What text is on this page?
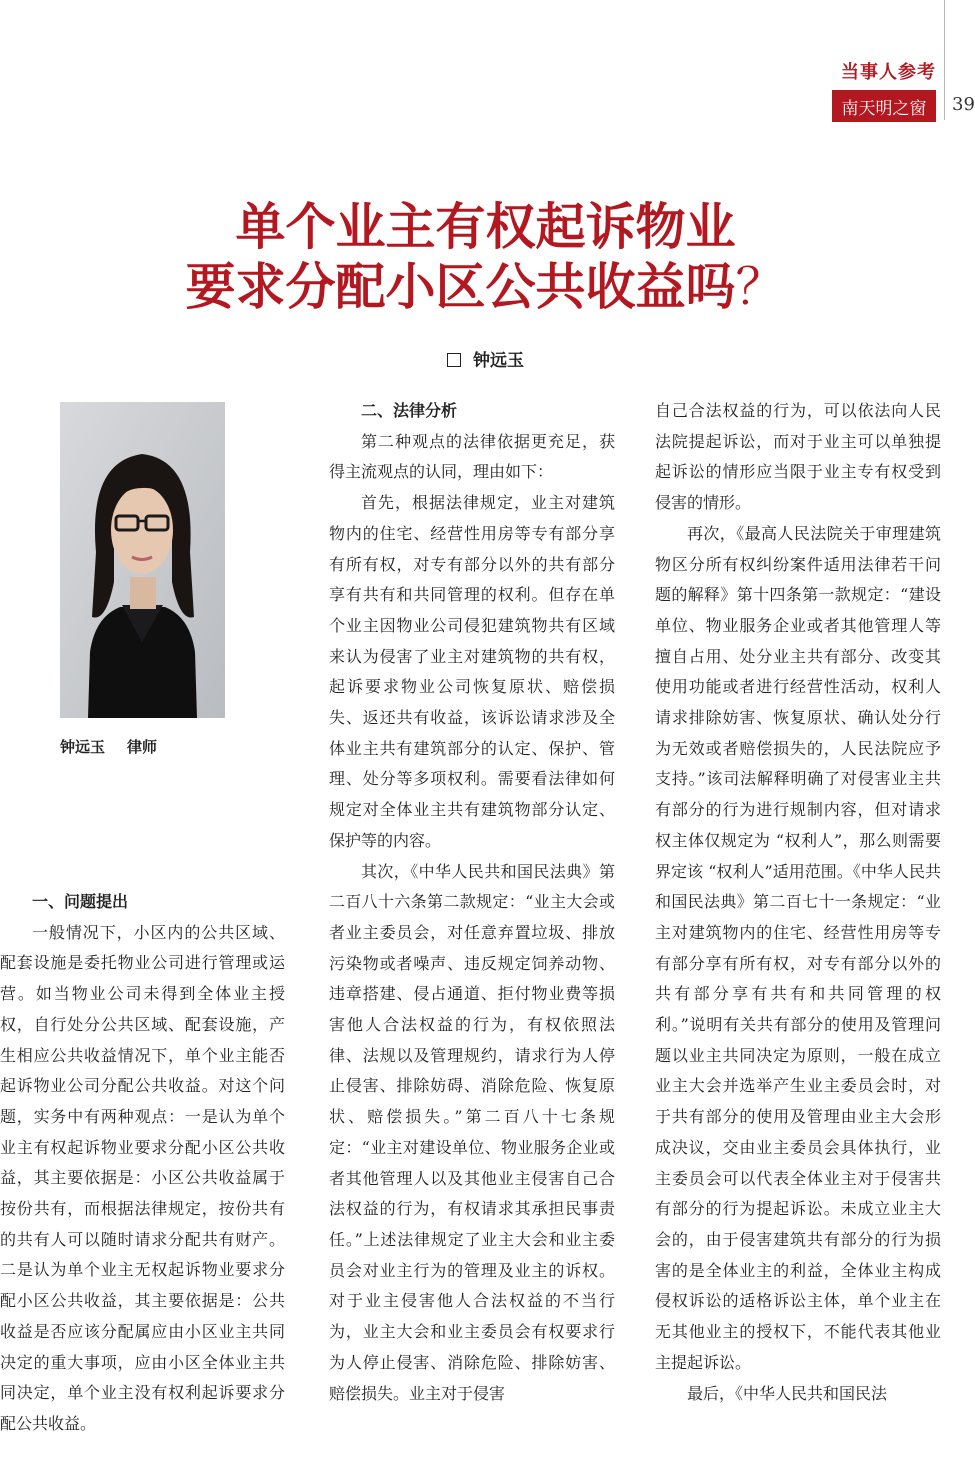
当事人参考
南天明之窗	39
单个业主有权起诉物业
要求分配小区公共收益吗？
钟远玉
钟远玉 律师
一、问题提出

一般情况下，小区内的公共区域、配套设施是委托物业公司进行管理或运营。如当物业公司未得到全体业主授权，自行处分公共区域、配套设施，产生相应公共收益情况下，单个业主能否起诉物业公司分配公共收益。对这个问题，实务中有两种观点：一是认为单个业主有权起诉物业要求分配小区公共收益，其主要依据是：小区公共收益属于按份共有，而根据法律规定，按份共有的共有人可以随时请求分配共有财产。二是认为单个业主无权起诉物业要求分配小区公共收益，其主要依据是：公共收益是否应该分配属应由小区业主共同决定的重大事项，应由小区全体业主共同决定，单个业主没有权利起诉要求分配公共收益。

二、法律分析

第二种观点的法律依据更充足，获得主流观点的认同，理由如下：

首先，根据法律规定，业主对建筑物内的住宅、经营性用房等专有部分享有所有权，对专有部分以外的共有部分享有共有和共同管理的权利。但存在单个业主因物业公司侵犯建筑物共有区域来认为侵害了业主对建筑物的共有权，起诉要求物业公司恢复原状、赔偿损失、返还共有收益，该诉讼请求涉及全体业主共有建筑部分的认定、保护、管理、处分等多项权利。需要看法律如何规定对全体业主共有建筑物部分认定、保护等的内容。

其次，《中华人民共和国民法典》第二百八十六条第二款规定：“业主大会或者业主委员会，对任意弃置垃圾、排放污染物或者噪声、违反规定饲养动物、违章搭建、侵占通道、拒付物业费等损害他人合法权益的行为，有权依照法律、法规以及管理规约，请求行为人停止侵害、排除妨碍、消除危险、恢复原状、赔偿损失。”第二百八十七条规定：“业主对建设单位、物业服务企业或者其他管理人以及其他业主侵害自己合法权益的行为，有权请求其承担民事责任。”上述法律规定了业主大会和业主委员会对业主行为的管理及业主的诉权。对于业主侵害他人合法权益的不当行为，业主大会和业主委员会有权要求行为人停止侵害、消除危险、排除妨害、赔偿损失。业主对于侵害

自己合法权益的行为，可以依法向人民法院提起诉讼，而对于业主可以单独提起诉讼的情形应当限于业主专有权受到侵害的情形。

再次，《最高人民法院关于审理建筑物区分所有权纠纷案件适用法律若干问题的解释》第十四条第一款规定：“建设单位、物业服务企业或者其他管理人等擅自占用、处分业主共有部分、改变其使用功能或者进行经营性活动，权利人请求排除妨害、恢复原状、确认处分行为无效或者赔偿损失的，人民法院应予支持。”该司法解释明确了对侵害业主共有部分的行为进行规制内容，但对请求权主体仅规定为 “权利人”，那么则需要界定该 “权利人”适用范围。《中华人民共和国民法典》第二百七十一条规定：“业主对建筑物内的住宅、经营性用房等专有部分享有所有权，对专有部分以外的共有部分享有共有和共同管理的权利。”说明有关共有部分的使用及管理问题以业主共同决定为原则，一般在成立业主大会并选举产生业主委员会时，对于共有部分的使用及管理由业主大会形成决议，交由业主委员会具体执行，业主委员会可以代表全体业主对于侵害共有部分的行为提起诉讼。未成立业主大会的，由于侵害建筑共有部分的行为损害的是全体业主的利益，全体业主构成侵权诉讼的适格诉讼主体，单个业主在无其他业主的授权下，不能代表其他业主提起诉讼。

最后，《中华人民共和国民法
